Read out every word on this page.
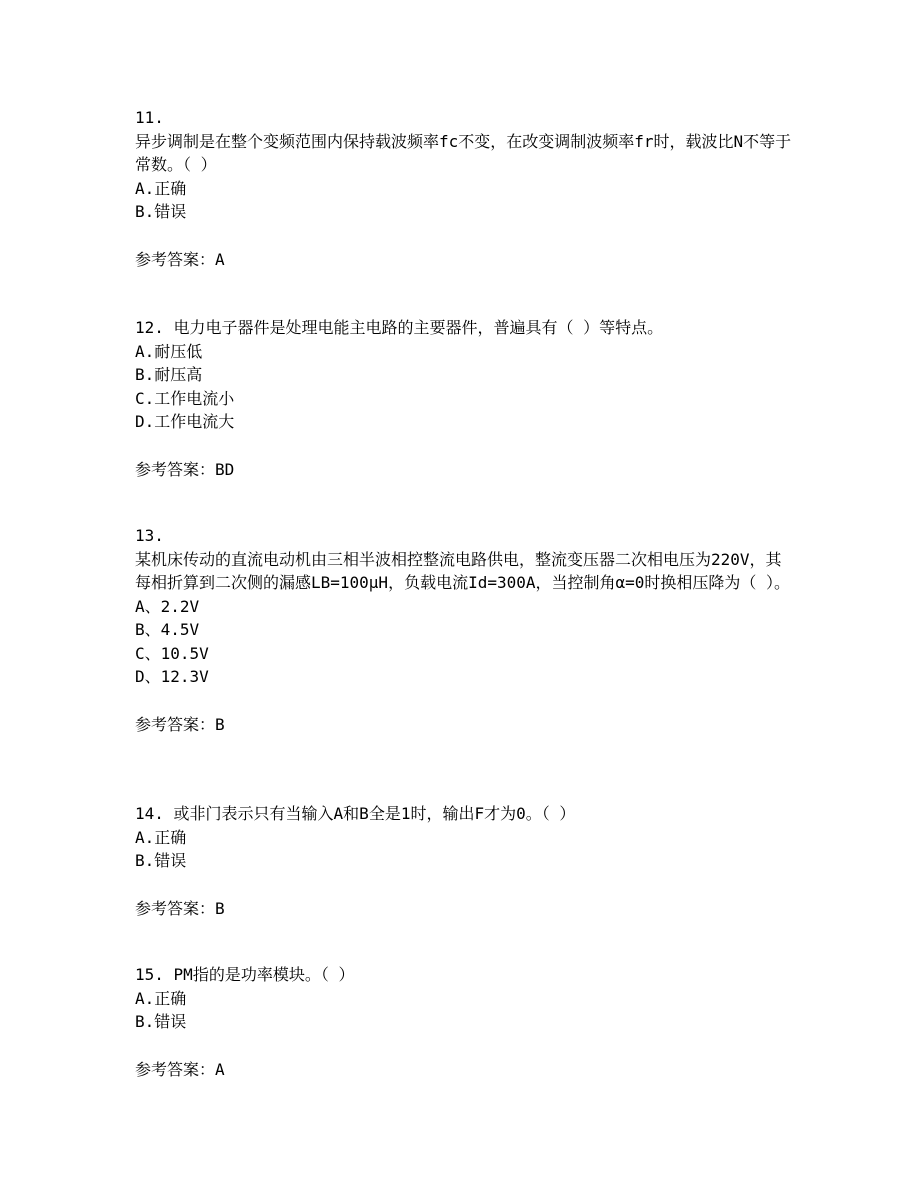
11.
异步调制是在整个变频范围内保持载波频率fc不变，在改变调制波频率fr时，载波比N不等于常数。（ ）
A.正确
B.错误
参考答案：A
12. 电力电子器件是处理电能主电路的主要器件，普遍具有（ ）等特点。
A.耐压低
B.耐压高
C.工作电流小
D.工作电流大
参考答案：BD
13.
某机床传动的直流电动机由三相半波相控整流电路供电，整流变压器二次相电压为220V，其每相折算到二次侧的漏感LB=100μH，负载电流Id=300A，当控制角α=0时换相压降为（ ）。
A、2.2V
B、4.5V
C、10.5V
D、12.3V
参考答案：B
14. 或非门表示只有当输入A和B全是1时，输出F才为0。（ ）
A.正确
B.错误
参考答案：B
15. PM指的是功率模块。（ ）
A.正确
B.错误
参考答案：A
